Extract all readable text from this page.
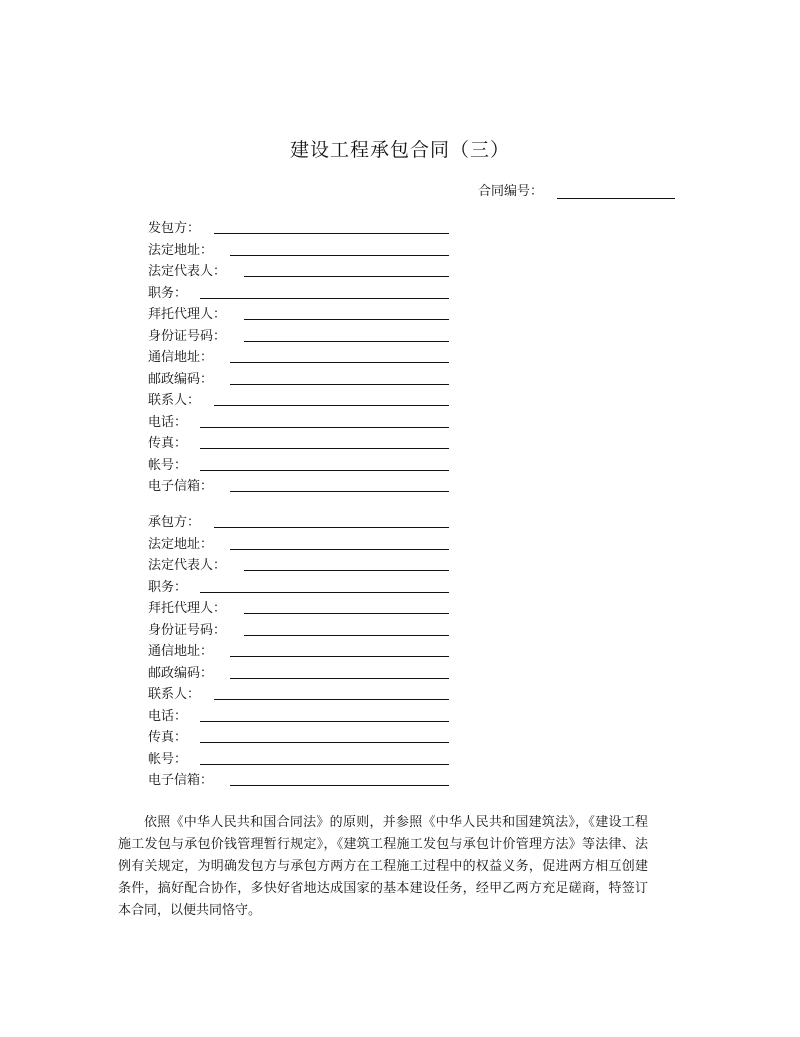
建设工程承包合同（三）
合同编号：
发包方：
法定地址：
法定代表人：
职务：
拜托代理人：
身份证号码：
通信地址：
邮政编码：
联系人：
电话：
传真：
帐号：
电子信箱：
承包方：
法定地址：
法定代表人：
职务：
拜托代理人：
身份证号码：
通信地址：
邮政编码：
联系人：
电话：
传真：
帐号：
电子信箱：

依照《中华人民共和国合同法》的原则，并参照《中华人民共和国建筑法》，《建设工程施工发包与承包价钱管理暂行规定》，《建筑工程施工发包与承包计价管理方法》等法律、法例有关规定，为明确发包方与承包方两方在工程施工过程中的权益义务，促进两方相互创建条件，搞好配合协作，多快好省地达成国家的基本建设任务，经甲乙两方充足磋商，特签订本合同，以便共同恪守。
